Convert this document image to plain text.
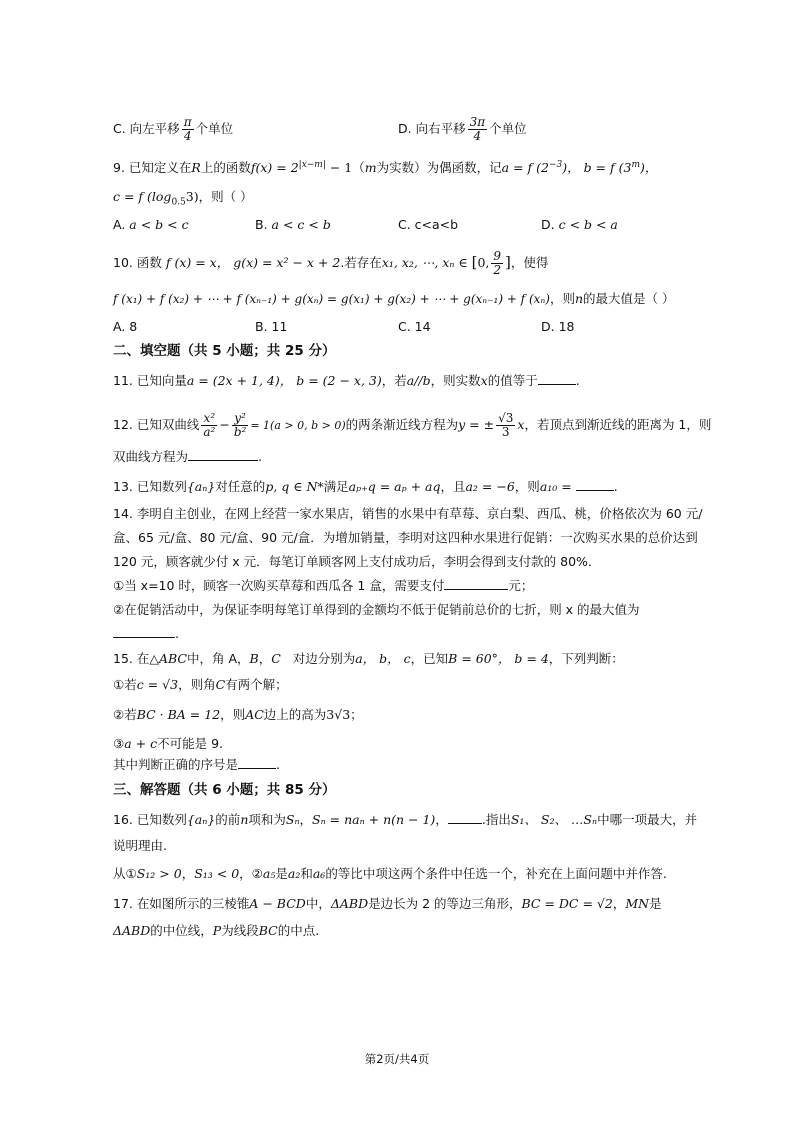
C. 向左平移 $\frac{\pi}{4}$ 个单位	D. 向右平移 $\frac{3\pi}{4}$ 个单位
9. 已知定义在R上的函数$f(x) = 2^{|x-m|} - 1(m$为实数）为偶函数，记a = f $(2^{-3})$， b = f (3$^m$)，
c = f $(\log_{0.5}3)$，则（ ）
A. a < b < c	B. a < c < b	C. c<a<b	D. c < b < a
10. 函数 f (x) = x， g(x) = x² − x + 2.若存在x₁, x₂, ⋯, xₙ ∈ [0, $\frac{9}{2}$ ]，使得
f (x₁) + f (x₂) + ⋯ + f (xₙ₋₁) + g(xₙ) = g(x₁) + g(x₂) + ⋯ + g(xₙ₋₁) + f (xₙ)，则n的最大值是（ ）
A. 8	B. 11	C. 14	D. 18
二、填空题（共 5 小题；共 25 分）
11. 已知向量a = (2x + 1, 4)， b = (2 − x, 3)，若a//b，则实数x的值等于	.
12. 已知双曲线 $\frac{\text{x²}}{\text{a²}} - \frac{\text{y²}}{\text{b²}} = 1(a > 0$, b > 0)的两条渐近线方程为y = ± $\frac{√3}{3}$ x，若顶点到渐近线的距离为 1，则
双曲线方程为	.
13. 已知数列{aₙ}对任意的p, q ∈ N*满足aₚ₊q = aₚ + aq，且a₂ = −6，则a₁₀ =	.
14. 李明自主创业，在网上经营一家水果店，销售的水果中有草莓、京白梨、西瓜、桃，价格依次为 60 元/
盒、65 元/盒、80 元/盒、90 元/盒．为增加销量，李明对这四种水果进行促销：一次购买水果的总价达到
120 元，顾客就少付 x 元．每笔订单顾客网上支付成功后，李明会得到支付款的 80%.
①当 x=10 时，顾客一次购买草莓和西瓜各 1 盒，需要支付	元；
②在促销活动中，为保证李明每笔订单得到的金额均不低于促销前总价的七折，则 x 的最大值为
.
15. 在△ABC中，角 A，B，C 对边分别为a， b， c，已知B = 60°， b = 4，下列判断：
①若c = √3，则角C有两个解；
②若BC · BA = 12，则AC边上的高为3√3；
③a + c不可能是 9.
其中判断正确的序号是	.
三、解答题（共 6 小题；共 85 分）
16. 已知数列{aₙ}的前n项和为Sₙ，Sₙ = naₙ + n(n − 1)，	.指出S₁、 S₂、 …Sₙ中哪一项最大，并
说明理由.
从①S₁₂ > 0，S₁₃ < 0，②a₅是a₂和a₆的等比中项这两个条件中任选一个，补充在上面问题中并作答.
17. 在如图所示的三棱锥A − BCD中，ΔABD是边长为 2 的等边三角形，BC = DC = √2，MN是
ΔABD的中位线，P为线段BC的中点.
第2页/共4页
